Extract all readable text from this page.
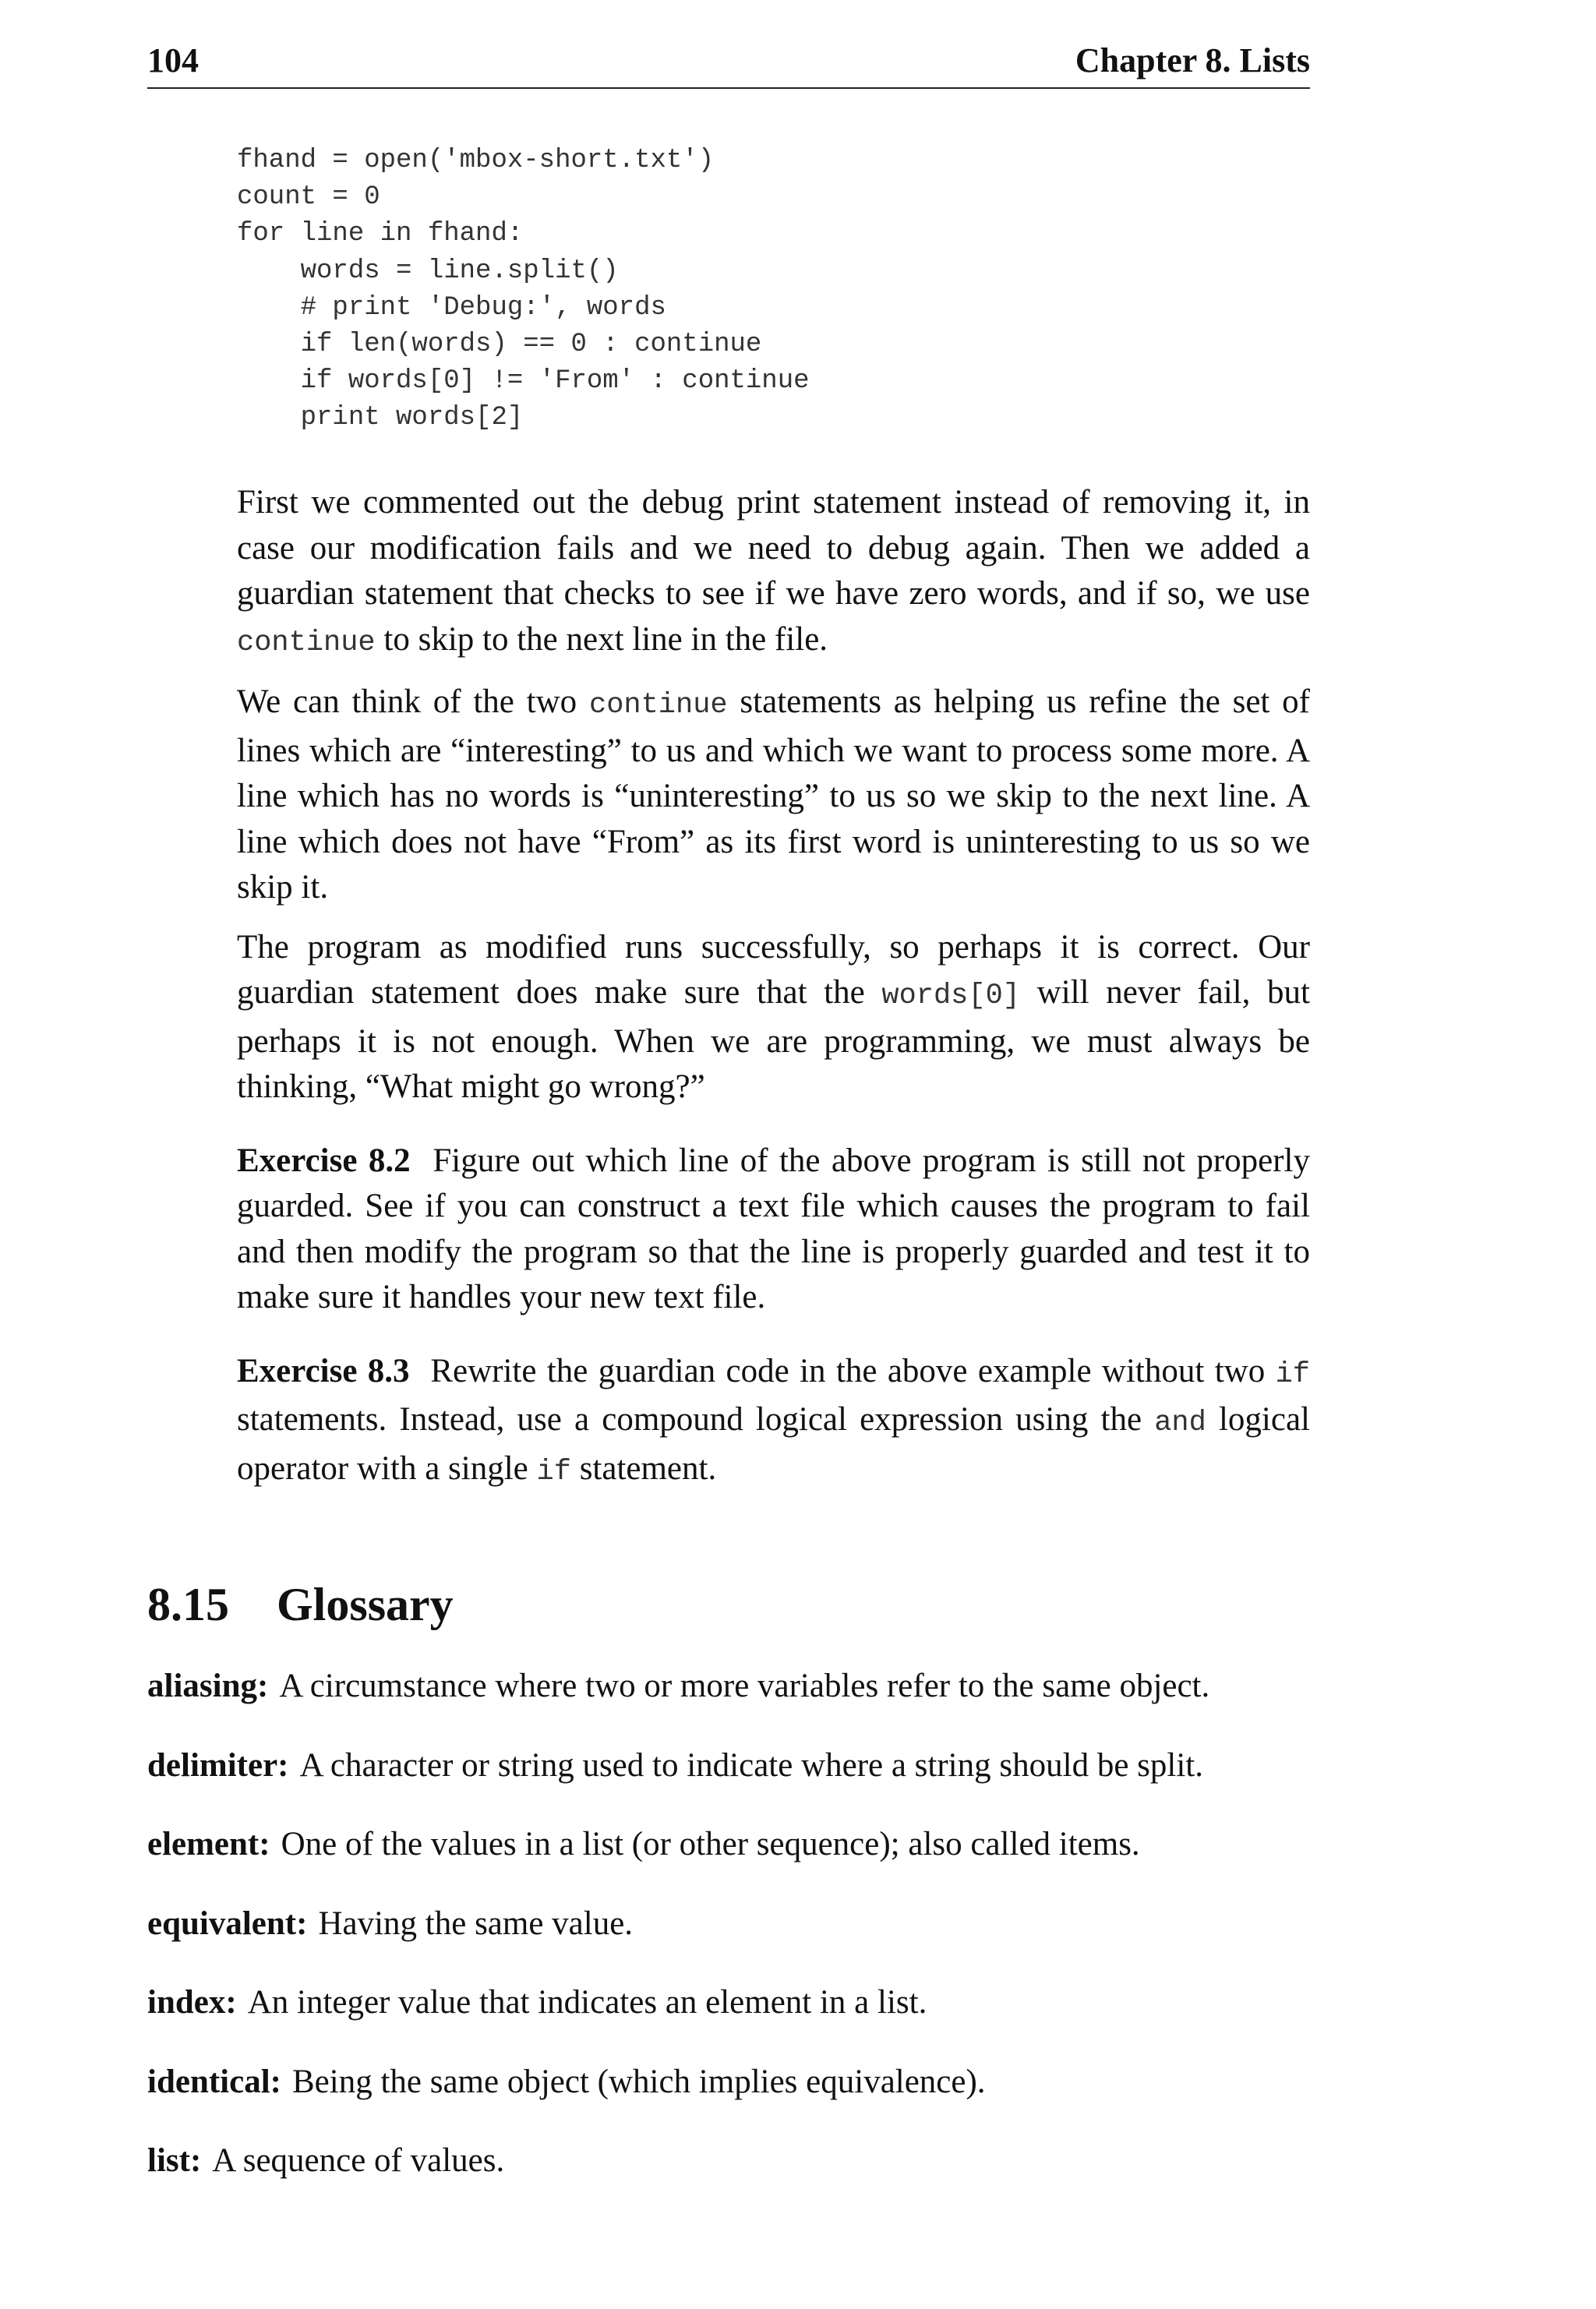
104	Chapter 8. Lists
fhand = open('mbox-short.txt')
count = 0
for line in fhand:
words = line.split()
# print 'Debug:', words
if len(words) == 0 : continue
if words[0] != 'From' : continue
print words[2]

First we commented out the debug print statement instead of removing it, in case our modification fails and we need to debug again. Then we added a guardian statement that checks to see if we have zero words, and if so, we use continue to skip to the next line in the file.

We can think of the two continue statements as helping us refine the set of lines which are “interesting” to us and which we want to process some more. A line which has no words is “uninteresting” to us so we skip to the next line. A line which does not have “From” as its first word is uninteresting to us so we skip it.

The program as modified runs successfully, so perhaps it is correct. Our guardian statement does make sure that the words[0] will never fail, but perhaps it is not enough. When we are programming, we must always be thinking, “What might go wrong?”

Exercise 8.2 Figure out which line of the above program is still not properly guarded. See if you can construct a text file which causes the program to fail and then modify the program so that the line is properly guarded and test it to make sure it handles your new text file.

Exercise 8.3 Rewrite the guardian code in the above example without two if statements. Instead, use a compound logical expression using the and logical operator with a single if statement.

8.15 Glossary

aliasing: A circumstance where two or more variables refer to the same object.

delimiter: A character or string used to indicate where a string should be split.

element: One of the values in a list (or other sequence); also called items.

equivalent: Having the same value.

index: An integer value that indicates an element in a list.

identical: Being the same object (which implies equivalence).

list: A sequence of values.
